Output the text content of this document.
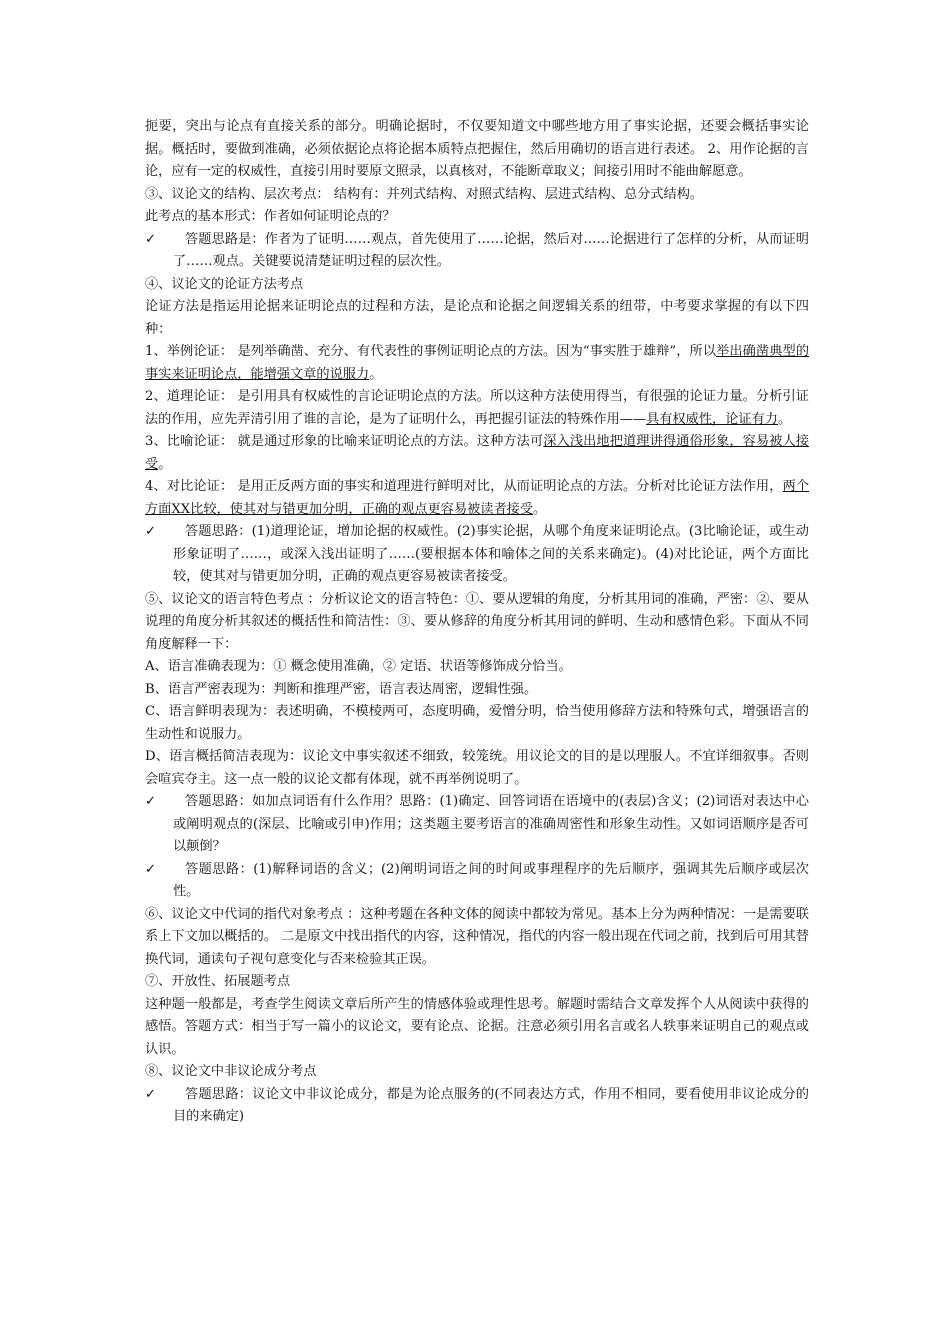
扼要，突出与论点有直接关系的部分。明确论据时，不仅要知道文中哪些地方用了事实论据，还要会概括事实论据。概括时，要做到准确，必须依据论点将论据本质特点把握住，然后用确切的语言进行表述。 2、用作论据的言论，应有一定的权威性，直接引用时要原文照录，以真核对，不能断章取义；间接引用时不能曲解愿意。

③、议论文的结构、层次考点： 结构有：并列式结构、对照式结构、层进式结构、总分式结构。

此考点的基本形式：作者如何证明论点的？

✓	答题思路是：作者为了证明……观点，首先使用了……论据，然后对……论据进行了怎样的分析，从而证明了……观点。关键要说清楚证明过程的层次性。

④、议论文的论证方法考点

论证方法是指运用论据来证明论点的过程和方法，是论点和论据之间逻辑关系的纽带，中考要求掌握的有以下四种：

1、举例论证： 是列举确凿、充分、有代表性的事例证明论点的方法。因为“事实胜于雄辩”，所以举出确凿典型的事实来证明论点，能增强文章的说服力。

2、道理论证： 是引用具有权威性的言论证明论点的方法。所以这种方法使用得当，有很强的论证力量。分析引证法的作用，应先弄清引用了谁的言论，是为了证明什么，再把握引证法的特殊作用——具有权威性，论证有力。

3、比喻论证： 就是通过形象的比喻来证明论点的方法。这种方法可深入浅出地把道理讲得通俗形象，容易被人接受。

4、对比论证： 是用正反两方面的事实和道理进行鲜明对比，从而证明论点的方法。分析对比论证方法作用，两个方面XX比较，使其对与错更加分明，正确的观点更容易被读者接受。

✓	答题思路：(1)道理论证，增加论据的权威性。(2)事实论据，从哪个角度来证明论点。(3比喻论证，或生动形象证明了……，或深入浅出证明了……(要根据本体和喻体之间的关系来确定)。(4)对比论证，两个方面比较，使其对与错更加分明，正确的观点更容易被读者接受。

⑤、议论文的语言特色考点 ：分析议论文的语言特色：①、要从逻辑的角度，分析其用词的准确，严密：②、要从说理的角度分析其叙述的概括性和简洁性：③、要从修辞的角度分析其用词的鲜明、生动和感情色彩。下面从不同角度解释一下：

A、语言准确表现为：① 概念使用准确，② 定语、状语等修饰成分恰当。

B、语言严密表现为：判断和推理严密，语言表达周密，逻辑性强。

C、语言鲜明表现为：表述明确，不模棱两可，态度明确，爱憎分明，恰当使用修辞方法和特殊句式，增强语言的生动性和说服力。

D、语言概括简洁表现为：议论文中事实叙述不细致，较笼统。用议论文的目的是以理服人。不宜详细叙事。否则会喧宾夺主。这一点一般的议论文都有体现，就不再举例说明了。

✓	答题思路：如加点词语有什么作用？思路：(1)确定、回答词语在语境中的(表层)含义；(2)词语对表达中心或阐明观点的(深层、比喻或引申)作用；这类题主要考语言的准确周密性和形象生动性。又如词语顺序是否可以颠倒？
✓	答题思路：(1)解释词语的含义；(2)阐明词语之间的时间或事理程序的先后顺序，强调其先后顺序或层次性。

⑥、议论文中代词的指代对象考点 ：这种考题在各种文体的阅读中都较为常见。基本上分为两种情况：一是需要联系上下文加以概括的。 二是原文中找出指代的内容，这种情况，指代的内容一般出现在代词之前，找到后可用其替换代词，通读句子视句意变化与否来检验其正误。

⑦、开放性、拓展题考点

这种题一般都是，考查学生阅读文章后所产生的情感体验或理性思考。解题时需结合文章发挥个人从阅读中获得的感悟。答题方式：相当于写一篇小的议论文，要有论点、论据。注意必须引用名言或名人轶事来证明自己的观点或认识。

⑧、议论文中非议论成分考点

✓	答题思路：议论文中非议论成分，都是为论点服务的(不同表达方式，作用不相同，要看使用非议论成分的目的来确定)
